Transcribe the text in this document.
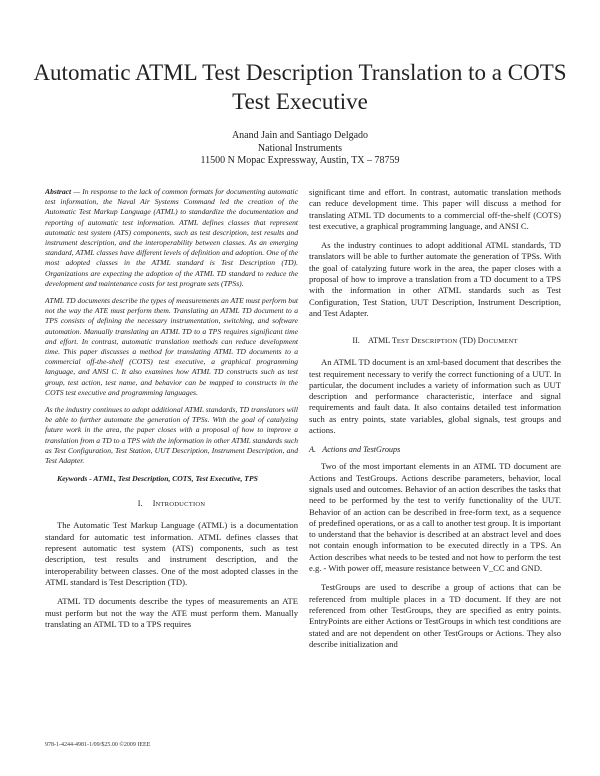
Automatic ATML Test Description Translation to a COTS Test Executive
Anand Jain and Santiago Delgado
National Instruments
11500 N Mopac Expressway, Austin, TX – 78759

Abstract — In response to the lack of common formats for documenting automatic test information, the Naval Air Systems Command led the creation of the Automatic Test Markup Language (ATML) to standardize the documentation and reporting of automatic test information. ATML defines classes that represent automatic test system (ATS) components, such as test description, test results and instrument description, and the interoperability between classes. As an emerging standard, ATML classes have different levels of definition and adoption. One of the most adopted classes in the ATML standard is Test Description (TD). Organizations are expecting the adoption of the ATML TD standard to reduce the development and maintenance costs for test program sets (TPSs).

ATML TD documents describe the types of measurements an ATE must perform but not the way the ATE must perform them. Translating an ATML TD document to a TPS consists of defining the necessary instrumentation, switching, and software automation. Manually translating an ATML TD to a TPS requires significant time and effort. In contrast, automatic translation methods can reduce development time. This paper discusses a method for translating ATML TD documents to a commercial off-the-shelf (COTS) test executive, a graphical programming language, and ANSI C. It also examines how ATML TD constructs such as test group, test action, test name, and behavior can be mapped to constructs in the COTS test executive and programming languages.

As the industry continues to adopt additional ATML standards, TD translators will be able to further automate the generation of TPSs. With the goal of catalyzing future work in the area, the paper closes with a proposal of how to improve a translation from a TD to a TPS with the information in other ATML standards such as Test Configuration, Test Station, UUT Description, Instrument Description, and Test Adapter.

Keywords - ATML, Test Description, COTS, Test Executive, TPS

I. INTRODUCTION

The Automatic Test Markup Language (ATML) is a documentation standard for automatic test information. ATML defines classes that represent automatic test system (ATS) components, such as test description, test results and instrument description, and the interoperability between classes. One of the most adopted classes in the ATML standard is Test Description (TD).

ATML TD documents describe the types of measurements an ATE must perform but not the way the ATE must perform them. Manually translating an ATML TD to a TPS requires

significant time and effort. In contrast, automatic translation methods can reduce development time. This paper will discuss a method for translating ATML TD documents to a commercial off-the-shelf (COTS) test executive, a graphical programming language, and ANSI C.

As the industry continues to adopt additional ATML standards, TD translators will be able to further automate the generation of TPSs. With the goal of catalyzing future work in the area, the paper closes with a proposal of how to improve a translation from a TD document to a TPS with the information in other ATML standards such as Test Configuration, Test Station, UUT Description, Instrument Description, and Test Adapter.

II. ATML TEST DESCRIPTION (TD) DOCUMENT

An ATML TD document is an xml-based document that describes the test requirement necessary to verify the correct functioning of a UUT. In particular, the document includes a variety of information such as UUT description and performance characteristic, interface and signal requirements and fault data. It also contains detailed test information such as entry points, state variables, global signals, test groups and actions.

A. Actions and TestGroups

Two of the most important elements in an ATML TD document are Actions and TestGroups. Actions describe parameters, behavior, local signals used and outcomes. Behavior of an action describes the tasks that need to be performed by the test to verify functionality of the UUT. Behavior of an action can be described in free-form text, as a sequence of predefined operations, or as a call to another test group. It is important to understand that the behavior is described at an abstract level and does not contain enough information to be executed directly in a TPS. An Action describes what needs to be tested and not how to perform the test e.g. - With power off, measure resistance between V_CC and GND.

TestGroups are used to describe a group of actions that can be referenced from multiple places in a TD document. If they are not referenced from other TestGroups, they are specified as entry points. EntryPoints are either Actions or TestGroups in which test conditions are stated and are not dependent on other TestGroups or Actions. They also describe initialization and

978-1-4244-4981-1/09/$25.00 ©2009 IEEE
